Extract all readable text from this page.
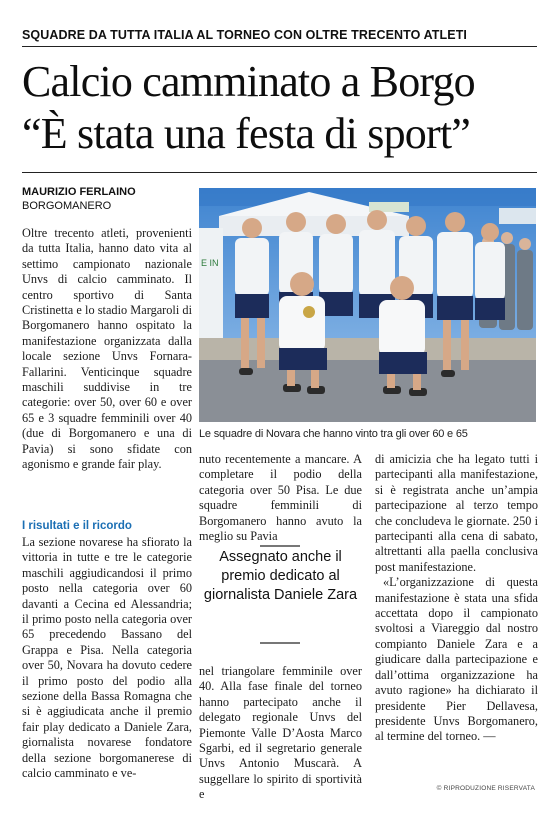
SQUADRE DA TUTTA ITALIA AL TORNEO CON OLTRE TRECENTO ATLETI
Calcio camminato a Borgo
“È stata una festa di sport”
MAURIZIO FERLAINO
BORGOMANERO

Oltre trecento atleti, provenienti da tutta Italia, hanno dato vita al settimo campionato nazionale Unvs di calcio camminato. Il centro sportivo di Santa Cristinetta e lo stadio Margaroli di Borgomanero hanno ospitato la manifestazione organizzata dalla locale sezione Unvs Fornara-Fallarini. Venticinque squadre maschili suddivise in tre categorie: over 50, over 60 e over 65 e 3 squadre femminili over 40 (due di Borgomanero e una di Pavia) si sono sfidate con agonismo e grande fair play.

I risultati e il ricordo

La sezione novarese ha sfiorato la vittoria in tutte e tre le categorie maschili aggiudicandosi il primo posto nella categoria over 60 davanti a Cecina ed Alessandria; il primo posto nella categoria over 65 precedendo Bassano del Grappa e Pisa. Nella categoria over 50, Novara ha dovuto cedere il primo posto del podio alla sezione della Bassa Romagna che si è aggiudicata anche il premio fair play dedicato a Daniele Zara, giornalista novarese fondatore della sezione borgomanerese di calcio camminato e ve-

E IN
Le squadre di Novara che hanno vinto tra gli over 60 e 65

nuto recentemente a mancare. A completare il podio della categoria over 50 Pisa. Le due squadre femminili di Borgomanero hanno avuto la meglio su Pavia

Assegnato anche il premio dedicato al giornalista Daniele Zara

nel triangolare femminile over 40. Alla fase finale del torneo hanno partecipato anche il delegato regionale Unvs del Piemonte Valle D’Aosta Marco Sgarbi, ed il segretario generale Unvs Antonio Muscarà. A suggellare lo spirito di sportività e

di amicizia che ha legato tutti i partecipanti alla manifestazione, si è registrata anche un’ampia partecipazione al terzo tempo che concludeva le giornate. 250 i partecipanti alla cena di sabato, altrettanti alla paella conclusiva post manifestazione.

«L’organizzazione di questa manifestazione è stata una sfida accettata dopo il campionato svoltosi a Viareggio dal nostro compianto Daniele Zara e a giudicare dalla partecipazione e dall’ottima organizzazione ha avuto ragione» ha dichiarato il presidente Pier Dellavesa, presidente Unvs Borgomanero, al termine del torneo. —

© RIPRODUZIONE RISERVATA
